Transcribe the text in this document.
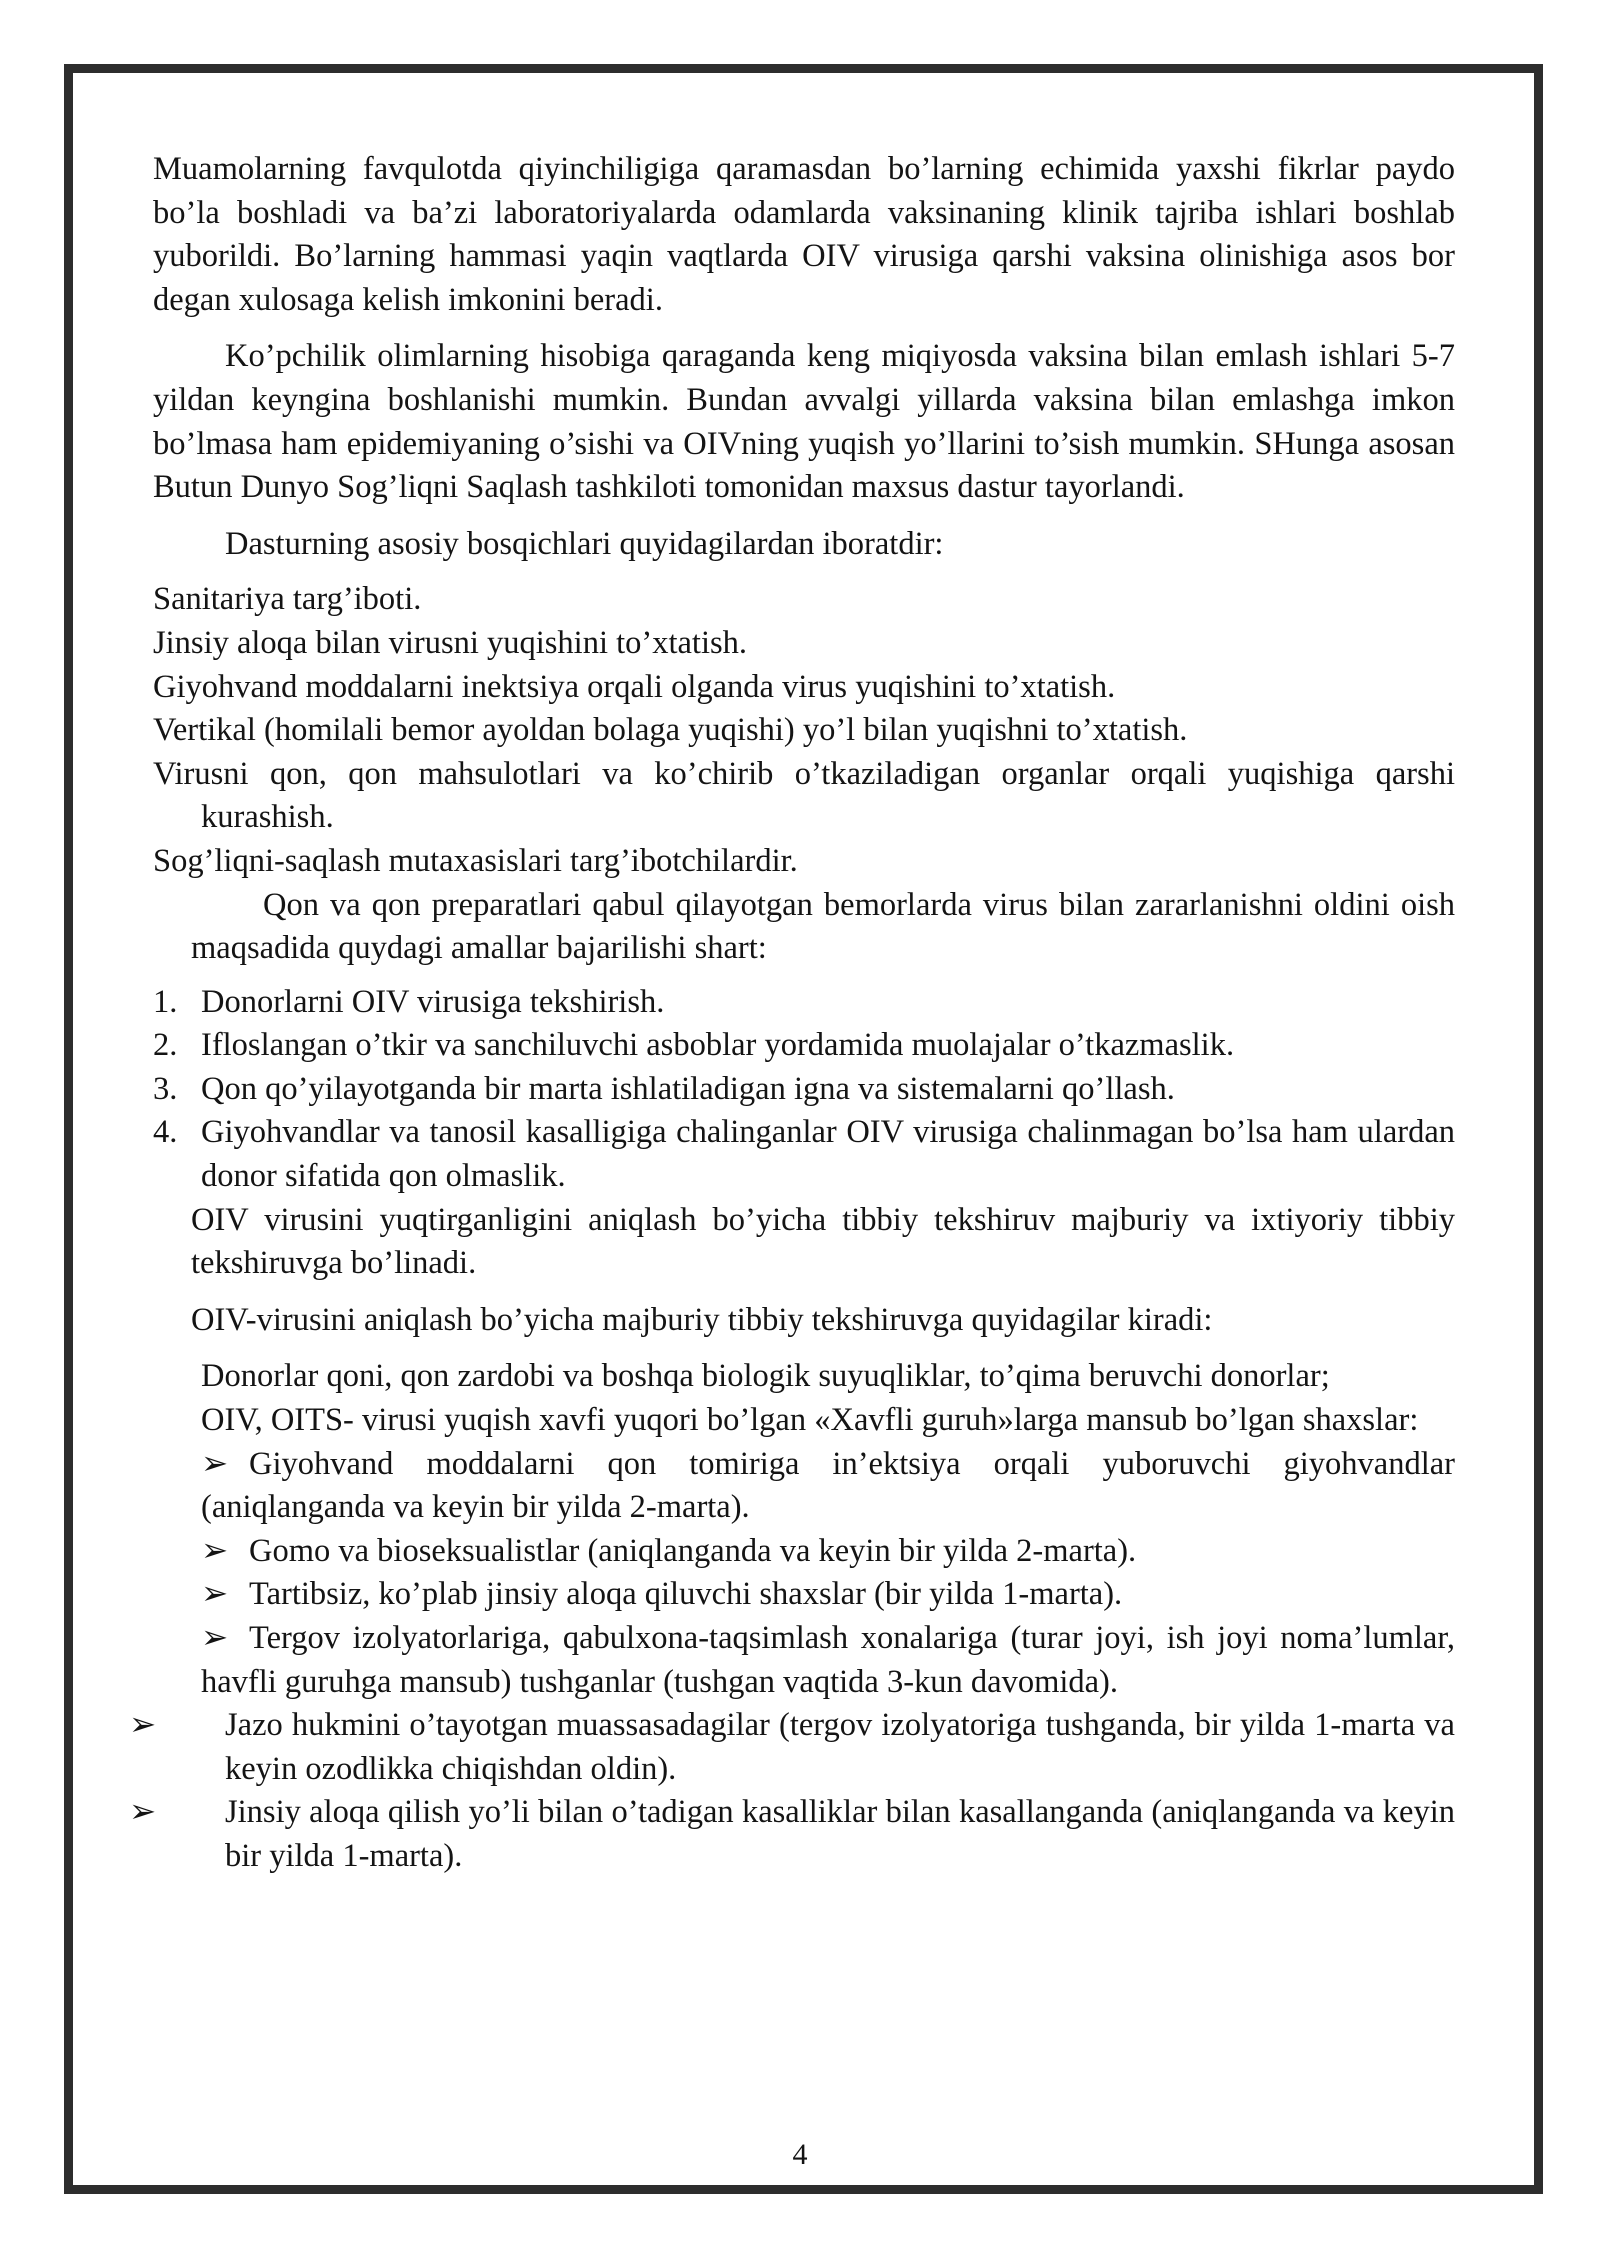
Muamolarning favqulotda qiyinchiligiga qaramasdan bo’larning echimida yaxshi fikrlar paydo bo’la boshladi va ba’zi laboratoriyalarda odamlarda vaksinaning klinik tajriba ishlari boshlab yuborildi. Bo’larning hammasi yaqin vaqtlarda OIV virusiga qarshi vaksina olinishiga asos bor degan xulosaga kelish imkonini beradi.

Ko’pchilik olimlarning hisobiga qaraganda keng miqiyosda vaksina bilan emlash ishlari 5-7 yildan keyngina boshlanishi mumkin. Bundan avvalgi yillarda vaksina bilan emlashga imkon bo’lmasa ham epidemiyaning o’sishi va OIVning yuqish yo’llarini to’sish mumkin. SHunga asosan Butun Dunyo Sog’liqni Saqlash tashkiloti tomonidan maxsus dastur tayorlandi.

Dasturning asosiy bosqichlari quyidagilardan iboratdir:

Sanitariya targ’iboti.
Jinsiy aloqa bilan virusni yuqishini to’xtatish.
Giyohvand moddalarni inektsiya orqali olganda virus yuqishini to’xtatish.
Vertikal (homilali bemor ayoldan bolaga yuqishi) yo’l bilan yuqishni to’xtatish.
Virusni qon, qon mahsulotlari va ko’chirib o’tkaziladigan organlar orqali yuqishiga qarshi kurashish.
Sog’liqni-saqlash mutaxasislari targ’ibotchilardir.

Qon va qon preparatlari qabul qilayotgan bemorlarda virus bilan zararlanishni oldini oish maqsadida quydagi amallar bajarilishi shart:

1. Donorlarni OIV virusiga tekshirish.
2. Ifloslangan o’tkir va sanchiluvchi asboblar yordamida muolajalar o’tkazmaslik.
3. Qon qo’yilayotganda bir marta ishlatiladigan igna va sistemalarni qo’llash.
4. Giyohvandlar va tanosil kasalligiga chalinganlar OIV virusiga chalinmagan bo’lsa ham ulardan donor sifatida qon olmaslik.

OIV virusini yuqtirganligini aniqlash bo’yicha tibbiy tekshiruv majburiy va ixtiyoriy tibbiy tekshiruvga bo’linadi.

OIV-virusini aniqlash bo’yicha majburiy tibbiy tekshiruvga quyidagilar kiradi:

Donorlar qoni, qon zardobi va boshqa biologik suyuqliklar, to’qima beruvchi donorlar;
OIV, OITS- virusi yuqish xavfi yuqori bo’lgan «Xavfli guruh»larga mansub bo’lgan shaxslar:
➢ Giyohvand moddalarni qon tomiriga in’ektsiya orqali yuboruvchi giyohvandlar (aniqlanganda va keyin bir yilda 2-marta).
➢ Gomo va bioseksualistlar (aniqlanganda va keyin bir yilda 2-marta).
➢ Tartibsiz, ko’plab jinsiy aloqa qiluvchi shaxslar (bir yilda 1-marta).
➢ Tergov izolyatorlariga, qabulxona-taqsimlash xonalariga (turar joyi, ish joyi noma’lumlar, havfli guruhga mansub) tushganlar (tushgan vaqtida 3-kun davomida).
➢ Jazo hukmini o’tayotgan muassasadagilar (tergov izolyatoriga tushganda, bir yilda 1-marta va keyin ozodlikka chiqishdan oldin).
➢ Jinsiy aloqa qilish yo’li bilan o’tadigan kasalliklar bilan kasallanganda (aniqlanganda va keyin bir yilda 1-marta).
4
